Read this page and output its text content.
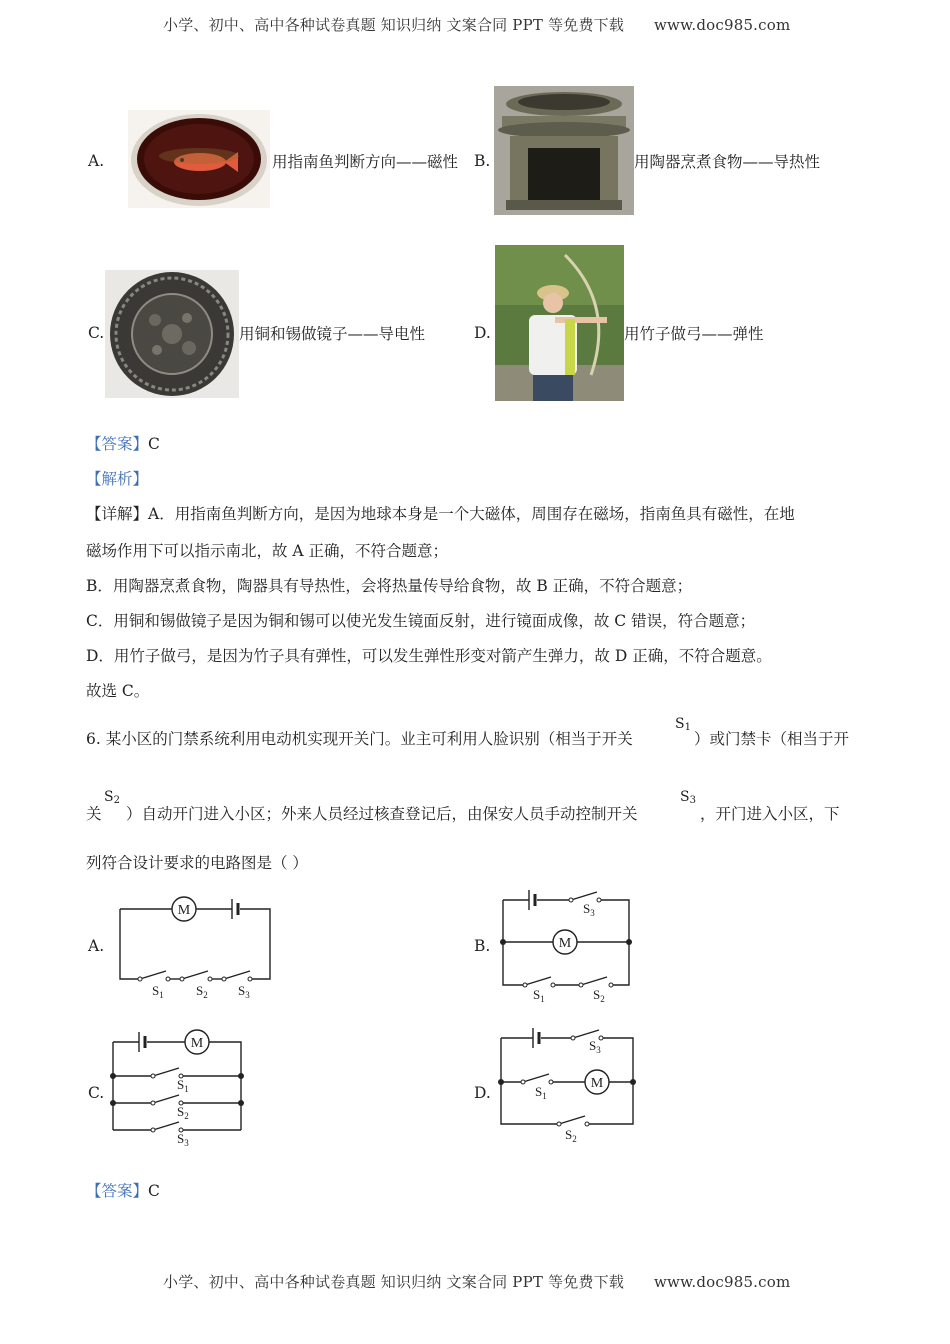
小学、初中、高中各种试卷真题 知识归纳 文案合同 PPT 等免费下载 www.doc985.com
A.	用指南鱼判断方向——磁性 B.	用陶器烹煮食物——导热性
C.	用铜和锡做镜子——导电性	D.	用竹子做弓——弹性
【答案】C
【解析】
【详解】A．用指南鱼判断方向，是因为地球本身是一个大磁体，周围存在磁场，指南鱼具有磁性，在地
磁场作用下可以指示南北，故 A 正确，不符合题意；
B．用陶器烹煮食物，陶器具有导热性，会将热量传导给食物，故 B 正确，不符合题意；
C．用铜和锡做镜子是因为铜和锡可以使光发生镜面反射，进行镜面成像，故 C 错误，符合题意；
D．用竹子做弓，是因为竹子具有弹性，可以发生弹性形变对箭产生弹力，故 D 正确，不符合题意。
故选 C。
6. 某小区的门禁系统利用电动机实现开关门。业主可利用人脸识别（相当于开关
$S_1$
）或门禁卡（相当于开
关
$S_2$
）自动开门进入小区；外来人员经过核查登记后，由保安人员手动控制开关
$S_3$
，开门进入小区，下
列符合设计要求的电路图是（ ）
A.
M
$S_1$ $S_2$ $S_3$
B.	M
$S_3$
$S_1$	$S_2$
C.
M
$S_1$
$S_2$
$S_3$
D.
M
$S_3$
$S_1$
$S_2$
【答案】C
小学、初中、高中各种试卷真题 知识归纳 文案合同 PPT 等免费下载 www.doc985.com
